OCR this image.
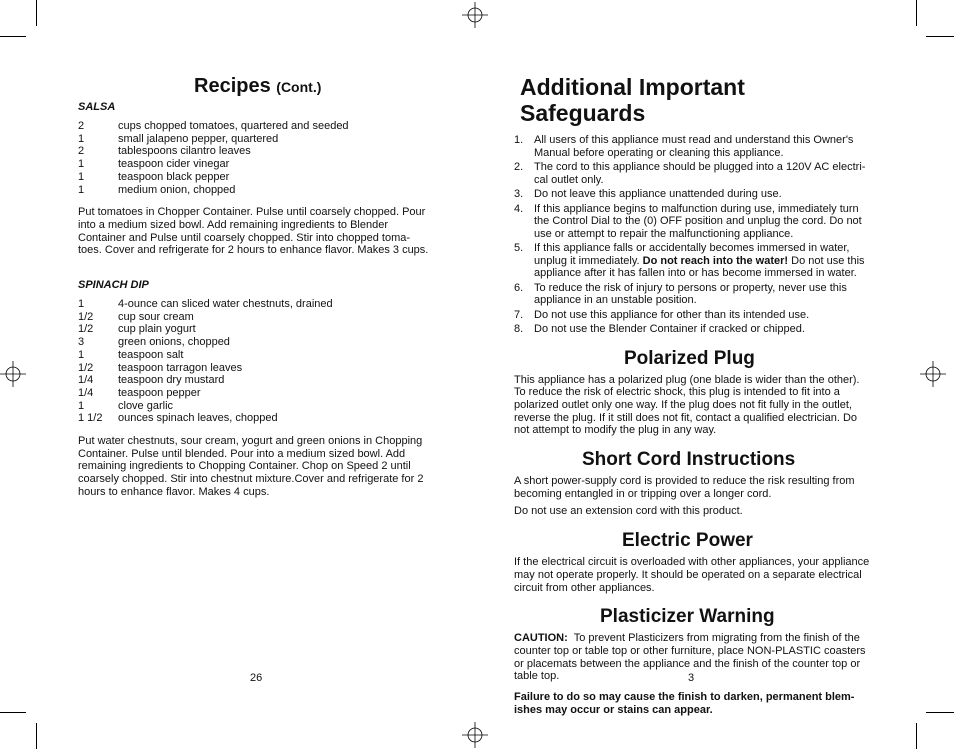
Recipes (Cont.)
SALSA
2	cups chopped tomatoes, quartered and seeded
1	small jalapeno pepper, quartered
2	tablespoons cilantro leaves
1	teaspoon cider vinegar
1	teaspoon black pepper
1	medium onion, chopped

Put tomatoes in Chopper Container. Pulse until coarsely chopped. Pour into a medium sized bowl. Add remaining ingredients to Blender Container and Pulse until coarsely chopped. Stir into chopped toma-toes. Cover and refrigerate for 2 hours to enhance flavor. Makes 3 cups.

SPINACH DIP
1	4-ounce can sliced water chestnuts, drained
1/2	cup sour cream
1/2	cup plain yogurt
3	green onions, chopped
1	teaspoon salt
1/2	teaspoon tarragon leaves
1/4	teaspoon dry mustard
1/4	teaspoon pepper
1	clove garlic
1 1/2	ounces spinach leaves, chopped

Put water chestnuts, sour cream, yogurt and green onions in Chopping Container. Pulse until blended. Pour into a medium sized bowl. Add remaining ingredients to Chopping Container. Chop on Speed 2 until coarsely chopped. Stir into chestnut mixture.Cover and refrigerate for 2 hours to enhance flavor. Makes 4 cups.

26
Additional Important Safeguards
1. All users of this appliance must read and understand this Owner's Manual before operating or cleaning this appliance.
2. The cord to this appliance should be plugged into a 120V AC electri-cal outlet only.
3. Do not leave this appliance unattended during use.
4. If this appliance begins to malfunction during use, immediately turn the Control Dial to the (0) OFF position and unplug the cord. Do not use or attempt to repair the malfunctioning appliance.
5. If this appliance falls or accidentally becomes immersed in water, unplug it immediately. Do not reach into the water! Do not use this appliance after it has fallen into or has become immersed in water.
6. To reduce the risk of injury to persons or property, never use this appliance in an unstable position.
7. Do not use this appliance for other than its intended use.
8. Do not use the Blender Container if cracked or chipped.
Polarized Plug

This appliance has a polarized plug (one blade is wider than the other). To reduce the risk of electric shock, this plug is intended to fit into a polarized outlet only one way. If the plug does not fit fully in the outlet, reverse the plug. If it still does not fit, contact a qualified electrician. Do not attempt to modify the plug in any way.

Short Cord Instructions

A short power-supply cord is provided to reduce the risk resulting from becoming entangled in or tripping over a longer cord.

Do not use an extension cord with this product.

Electric Power

If the electrical circuit is overloaded with other appliances, your appliance may not operate properly. It should be operated on a separate electrical circuit from other appliances.

Plasticizer Warning

CAUTION:  To prevent Plasticizers from migrating from the finish of the counter top or table top or other furniture, place NON-PLASTIC coasters or placemats between the appliance and the finish of the counter top or table top.

Failure to do so may cause the finish to darken, permanent blem-ishes may occur or stains can appear.

3
